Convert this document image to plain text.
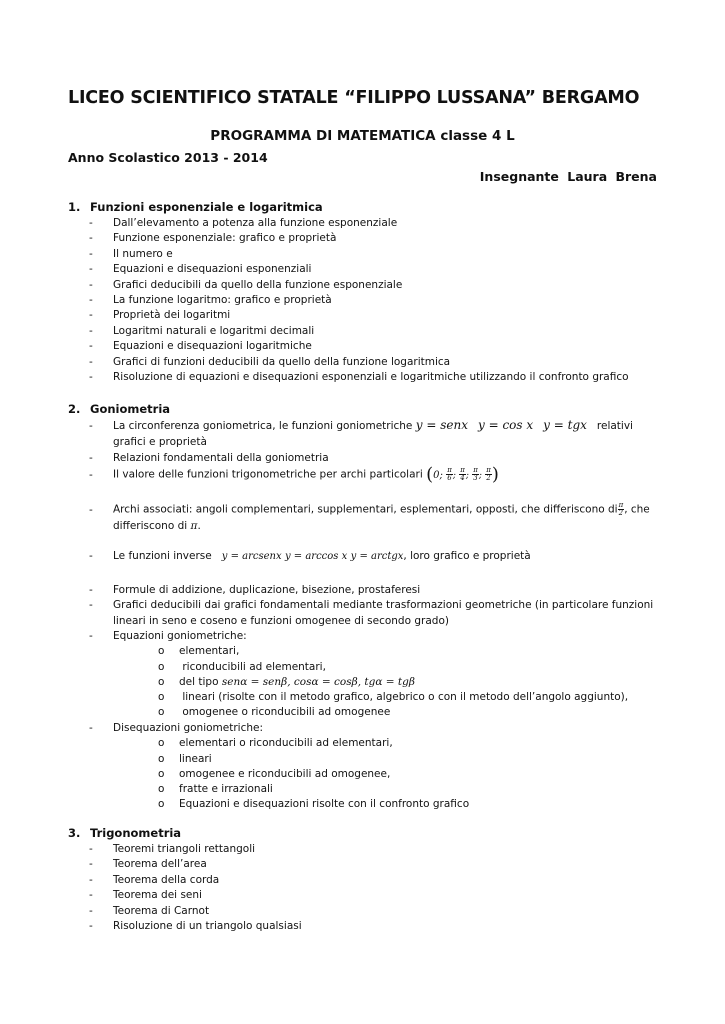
LICEO SCIENTIFICO STATALE “FILIPPO LUSSANA” BERGAMO
PROGRAMMA DI MATEMATICA classe 4 L
Anno Scolastico 2013 - 2014
Insegnante Laura Brena
1. Funzioni esponenziale e logaritmica
- Dall’elevamento a potenza alla funzione esponenziale
- Funzione esponenziale: grafico e proprietà
- Il numero e
- Equazioni e disequazioni esponenziali
- Grafici deducibili da quello della funzione esponenziale
- La funzione logaritmo: grafico e proprietà
- Proprietà dei logaritmi
- Logaritmi naturali e logaritmi decimali
- Equazioni e disequazioni logaritmiche
- Grafici di funzioni deducibili da quello della funzione logaritmica
- Risoluzione di equazioni e disequazioni esponenziali e logaritmiche utilizzando il confronto grafico
2. Goniometria
- La circonferenza goniometrica, le funzioni goniometriche y = senx y = cos x y = tgx relativi
grafici e proprietà
- Relazioni fondamentali della goniometria
- Il valore delle funzioni trigonometriche per archi particolari (0; $\frac{\pi}{6}$ ; $\frac{\pi}{4}$ ; $\frac{\pi}{3}$ ; $\frac{\pi}{2}$ )
- Archi associati: angoli complementari, supplementari, esplementari, opposti, che differiscono di $\frac{\pi}{2}$ , che
differiscono di π.
- Le funzioni inverse y = arcsenx y = arccos x y = arctgx, loro grafico e proprietà
- Formule di addizione, duplicazione, bisezione, prostaferesi
- Grafici deducibili dai grafici fondamentali mediante trasformazioni geometriche (in particolare funzioni
lineari in seno e coseno e funzioni omogenee di secondo grado)
- Equazioni goniometriche:
o elementari,
o riconducibili ad elementari,
o del tipo senα = senβ, cosα = cosβ, tgα = tgβ
o lineari (risolte con il metodo grafico, algebrico o con il metodo dell’angolo aggiunto),
o omogenee o riconducibili ad omogenee
- Disequazioni goniometriche:
o elementari o riconducibili ad elementari,
o lineari
o omogenee e riconducibili ad omogenee,
o fratte e irrazionali
o Equazioni e disequazioni risolte con il confronto grafico
3. Trigonometria
- Teoremi triangoli rettangoli
- Teorema dell’area
- Teorema della corda
- Teorema dei seni
- Teorema di Carnot
- Risoluzione di un triangolo qualsiasi
